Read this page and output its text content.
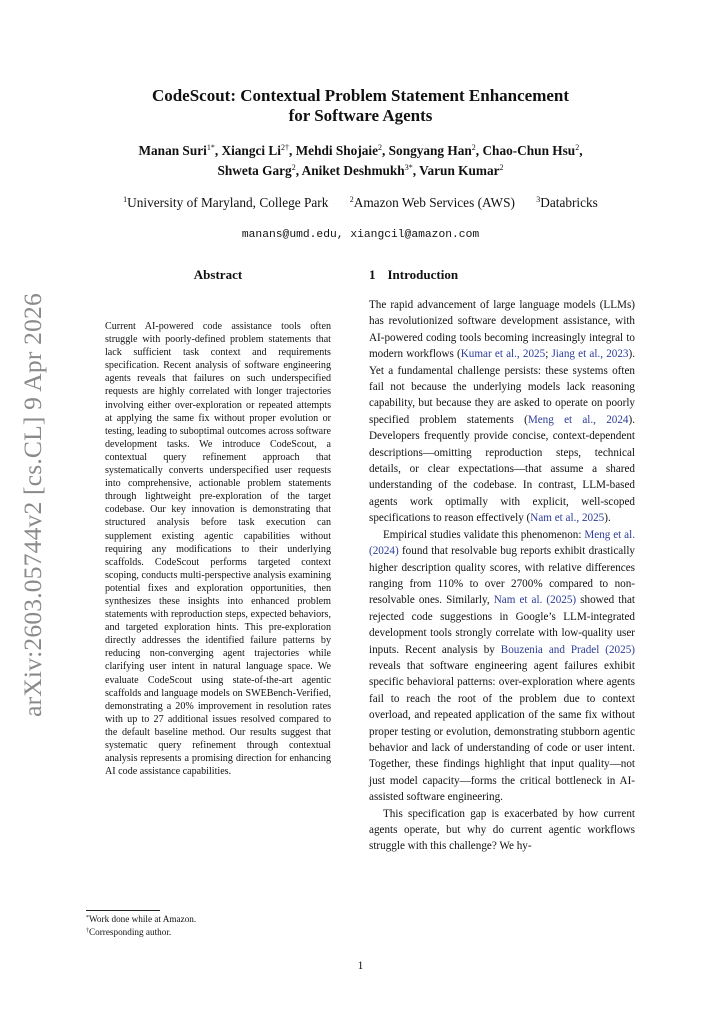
arXiv:2603.05744v2 [cs.CL] 9 Apr 2026
CodeScout: Contextual Problem Statement Enhancement
for Software Agents
Manan Suri$^{1*}$, Xiangci $Li^{2\dagger}$, Mehdi Shojaie$^2$, Songyang Han$^2$, Chao-Chun Hsu$^2$,
Shweta Garg$^2$, Aniket Deshmukh$^{3*}$, Varun Kumar$^2$
$^1$University of Maryland, College Park	$^2$Amazon Web Services (AWS)	$^3$Databricks
manans@umd.edu, xiangcil@amazon.com
Abstract
Current AI-powered code assistance tools often struggle with poorly-defined problem statements that lack sufficient task context and requirements specification. Recent analysis of software engineering agents reveals that failures on such underspecified requests are highly correlated with longer trajectories involving either over-exploration or repeated attempts at applying the same fix without proper evolution or testing, leading to suboptimal outcomes across software development tasks. We introduce CodeScout, a contextual query refinement approach that systematically converts underspecified user requests into comprehensive, actionable problem statements through lightweight pre-exploration of the target codebase. Our key innovation is demonstrating that structured analysis before task execution can supplement existing agentic capabilities without requiring any modifications to their underlying scaffolds. CodeScout performs targeted context scoping, conducts multi-perspective analysis examining potential fixes and exploration opportunities, then synthesizes these insights into enhanced problem statements with reproduction steps, expected behaviors, and targeted exploration hints. This pre-exploration directly addresses the identified failure patterns by reducing non-converging agent trajectories while clarifying user intent in natural language space. We evaluate CodeScout using state-of-the-art agentic scaffolds and language models on SWEBench-Verified, demonstrating a 20% improvement in resolution rates with up to 27 additional issues resolved compared to the default baseline method. Our results suggest that systematic query refinement through contextual analysis represents a promising direction for enhancing AI code assistance capabilities.
1 Introduction

The rapid advancement of large language models (LLMs) has revolutionized software development assistance, with AI-powered coding tools becoming increasingly integral to modern workflows (Kumar et al., 2025; Jiang et al., 2023). Yet a fundamental challenge persists: these systems often fail not because the underlying models lack reasoning capability, but because they are asked to operate on poorly specified problem statements (Meng et al., 2024). Developers frequently provide concise, context-dependent descriptions—omitting reproduction steps, technical details, or clear expectations—that assume a shared understanding of the codebase. In contrast, LLM-based agents work optimally with explicit, well-scoped specifications to reason effectively (Nam et al., 2025).

Empirical studies validate this phenomenon: Meng et al. (2024) found that resolvable bug reports exhibit drastically higher description quality scores, with relative differences ranging from 110% to over 2700% compared to non-resolvable ones. Similarly, Nam et al. (2025) showed that rejected code suggestions in Google’s LLM-integrated development tools strongly correlate with low-quality user inputs. Recent analysis by Bouzenia and Pradel (2025) reveals that software engineering agent failures exhibit specific behavioral patterns: over-exploration where agents fail to reach the root of the problem due to context overload, and repeated application of the same fix without proper testing or evolution, demonstrating stubborn agentic behavior and lack of understanding of code or user intent. Together, these findings highlight that input quality—not just model capacity—forms the critical bottleneck in AI-assisted software engineering.

This specification gap is exacerbated by how current agents operate, but why do current agentic workflows struggle with this challenge? We hy-

*Work done while at Amazon.
†Corresponding author.
1
